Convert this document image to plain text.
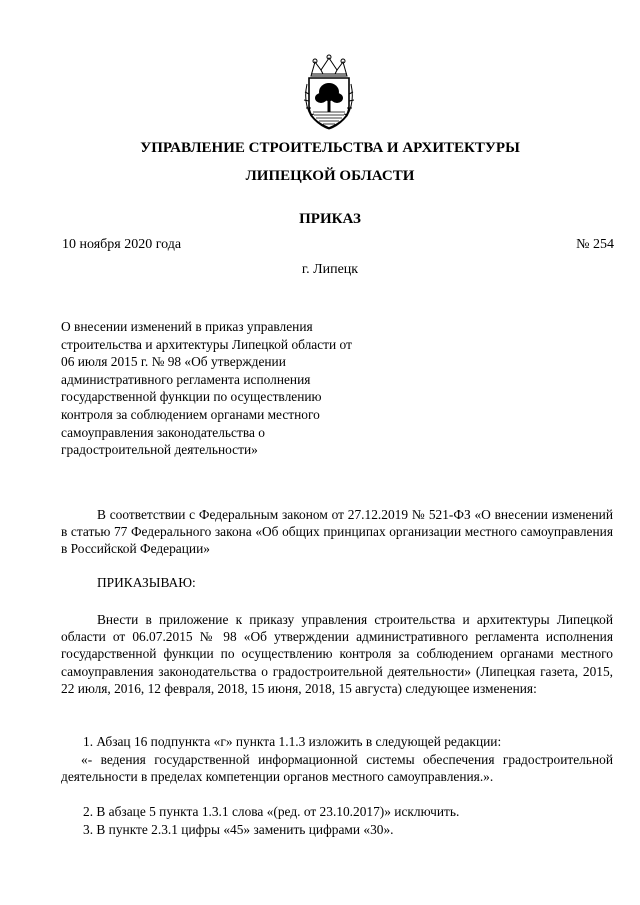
УПРАВЛЕНИЕ СТРОИТЕЛЬСТВА И АРХИТЕКТУРЫ

ЛИПЕЦКОЙ ОБЛАСТИ

ПРИКАЗ

10 ноября 2020 года	№ 254
г. Липецк

О внесении изменений в приказ управления строительства и архитектуры Липецкой области от 06 июля 2015 г. № 98 «Об утверждении административного регламента исполнения государственной функции по осуществлению контроля за соблюдением органами местного самоуправления законодательства о градостроительной деятельности»

В соответствии с Федеральным законом от 27.12.2019 № 521-ФЗ «О внесении изменений в статью 77 Федерального закона «Об общих принципах организации местного самоуправления в Российской Федерации»

ПРИКАЗЫВАЮ:

Внести в приложение к приказу управления строительства и архитектуры Липецкой области от 06.07.2015 № 98 «Об утверждении административного регламента исполнения государственной функции по осуществлению контроля за соблюдением органами местного самоуправления законодательства о градостроительной деятельности» (Липецкая газета, 2015, 22 июля, 2016, 12 февраля, 2018, 15 июня, 2018, 15 августа) следующее изменения:

1. Абзац 16 подпункта «г» пункта 1.1.3 изложить в следующей редакции:

«- ведения государственной информационной системы обеспечения градостроительной деятельности в пределах компетенции органов местного самоуправления.».

2. В абзаце 5 пункта 1.3.1 слова «(ред. от 23.10.2017)» исключить.

3. В пункте 2.3.1 цифры «45» заменить цифрами «30».
